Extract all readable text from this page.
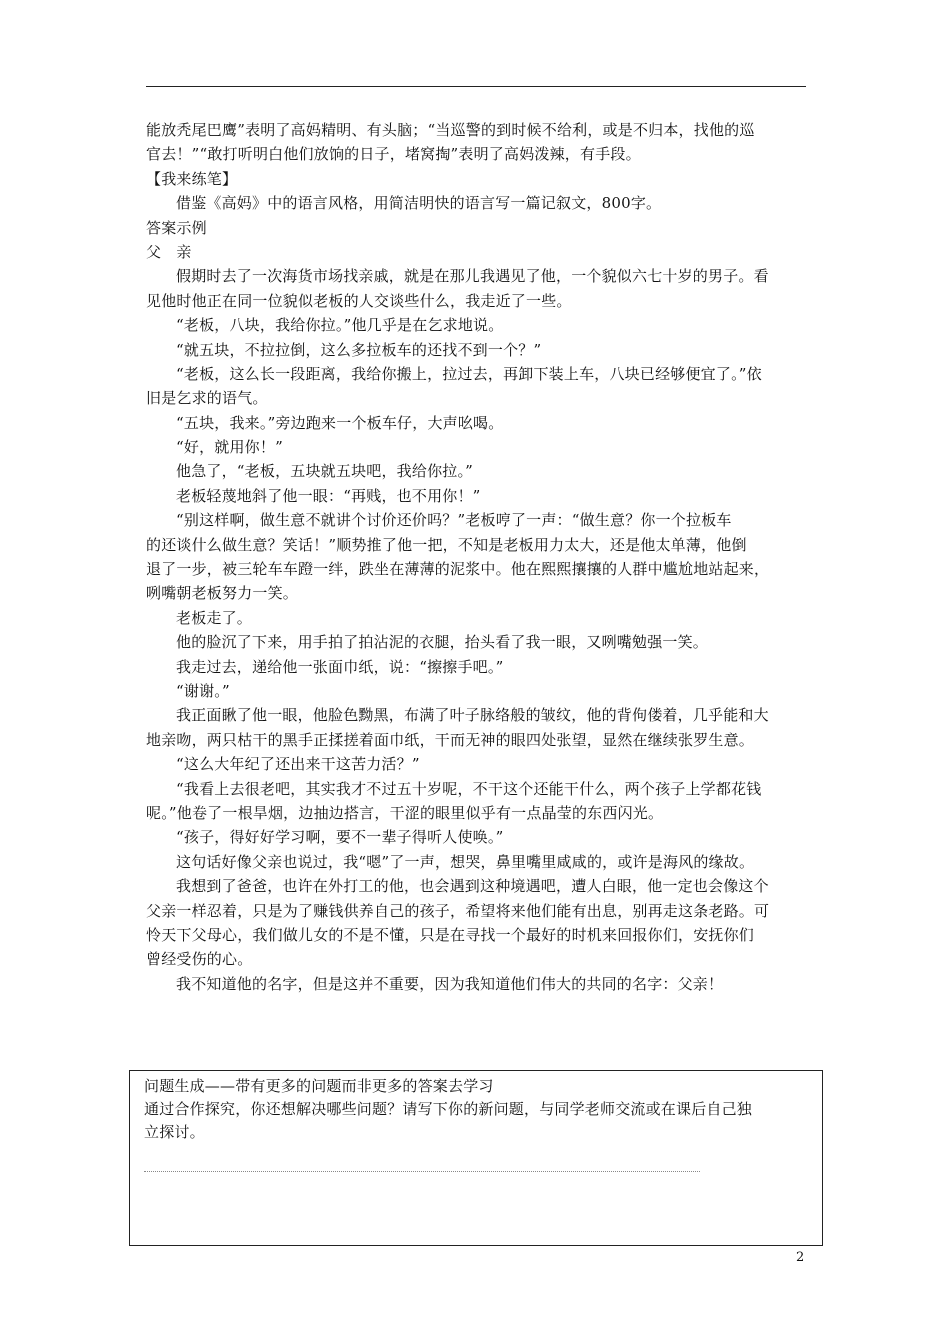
能放秃尾巴鹰”表明了高妈精明、有头脑；“当巡警的到时候不给利，或是不归本，找他的巡
官去！”“敢打听明白他们放饷的日子，堵窝掏”表明了高妈泼辣，有手段。
【我来练笔】
借鉴《高妈》中的语言风格，用简洁明快的语言写一篇记叙文，800字。
答案示例
父　亲
假期时去了一次海货市场找亲戚，就是在那儿我遇见了他，一个貌似六七十岁的男子。看
见他时他正在同一位貌似老板的人交谈些什么，我走近了一些。
“老板，八块，我给你拉。”他几乎是在乞求地说。
“就五块，不拉拉倒，这么多拉板车的还找不到一个？”
“老板，这么长一段距离，我给你搬上，拉过去，再卸下装上车，八块已经够便宜了。”依
旧是乞求的语气。
“五块，我来。”旁边跑来一个板车仔，大声吆喝。
“好，就用你！”
他急了，“老板，五块就五块吧，我给你拉。”
老板轻蔑地斜了他一眼：“再贱，也不用你！”
“别这样啊，做生意不就讲个讨价还价吗？”老板哼了一声：“做生意？你一个拉板车
的还谈什么做生意？笑话！”顺势推了他一把，不知是老板用力太大，还是他太单薄，他倒
退了一步，被三轮车车蹬一绊，跌坐在薄薄的泥浆中。他在熙熙攘攘的人群中尴尬地站起来，
咧嘴朝老板努力一笑。
老板走了。
他的脸沉了下来，用手拍了拍沾泥的衣腿，抬头看了我一眼，又咧嘴勉强一笑。
我走过去，递给他一张面巾纸，说：“擦擦手吧。”
“谢谢。”
我正面瞅了他一眼，他脸色黝黑，布满了叶子脉络般的皱纹，他的背佝偻着，几乎能和大
地亲吻，两只枯干的黑手正揉搓着面巾纸，干而无神的眼四处张望，显然在继续张罗生意。
“这么大年纪了还出来干这苦力活？”
“我看上去很老吧，其实我才不过五十岁呢，不干这个还能干什么，两个孩子上学都花钱
呢。”他卷了一根旱烟，边抽边搭言，干涩的眼里似乎有一点晶莹的东西闪光。
“孩子，得好好学习啊，要不一辈子得听人使唤。”
这句话好像父亲也说过，我“嗯”了一声，想哭，鼻里嘴里咸咸的，或许是海风的缘故。
我想到了爸爸，也许在外打工的他，也会遇到这种境遇吧，遭人白眼，他一定也会像这个
父亲一样忍着，只是为了赚钱供养自己的孩子，希望将来他们能有出息，别再走这条老路。可
怜天下父母心，我们做儿女的不是不懂，只是在寻找一个最好的时机来回报你们，安抚你们
曾经受伤的心。
我不知道他的名字，但是这并不重要，因为我知道他们伟大的共同的名字：父亲！
问题生成——带有更多的问题而非更多的答案去学习
通过合作探究，你还想解决哪些问题？请写下你的新问题，与同学老师交流或在课后自己独
立探讨。
2
